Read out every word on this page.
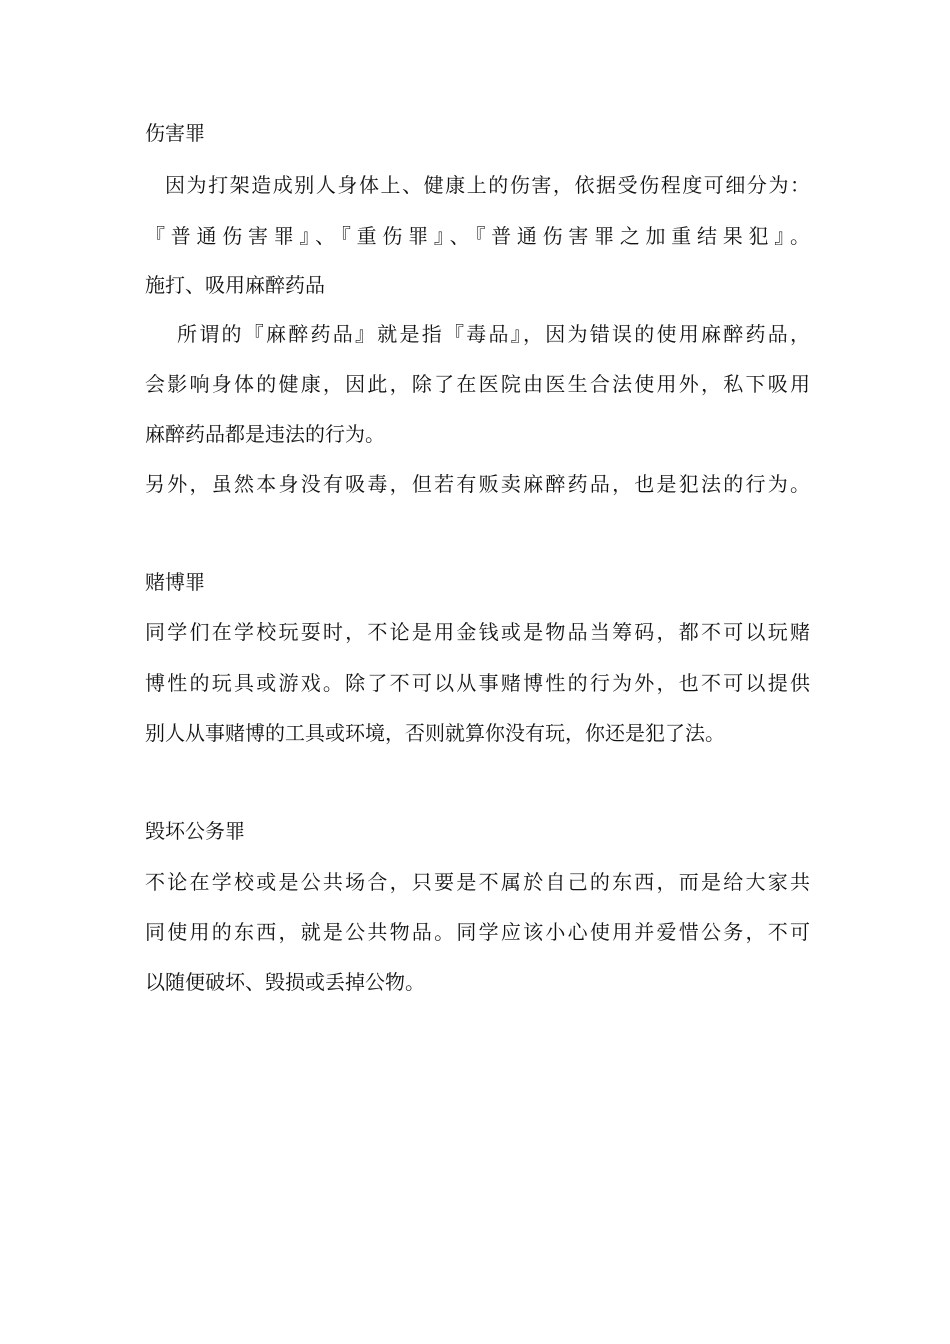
伤害罪

因为打架造成别人身体上、健康上的伤害，依据受伤程度可细分为：

『普通伤害罪』、『重伤罪』、『普通伤害罪之加重结果犯』。

施打、吸用麻醉药品

所谓的『麻醉药品』就是指『毒品』，因为错误的使用麻醉药品，

会影响身体的健康，因此，除了在医院由医生合法使用外，私下吸用

麻醉药品都是违法的行为。

另外，虽然本身没有吸毒，但若有贩卖麻醉药品，也是犯法的行为。

赌博罪

同学们在学校玩耍时，不论是用金钱或是物品当筹码，都不可以玩赌

博性的玩具或游戏。除了不可以从事赌博性的行为外，也不可以提供

别人从事赌博的工具或环境，否则就算你没有玩，你还是犯了法。

毁坏公务罪

不论在学校或是公共场合，只要是不属於自己的东西，而是给大家共

同使用的东西，就是公共物品。同学应该小心使用并爱惜公务，不可

以随便破坏、毁损或丢掉公物。
